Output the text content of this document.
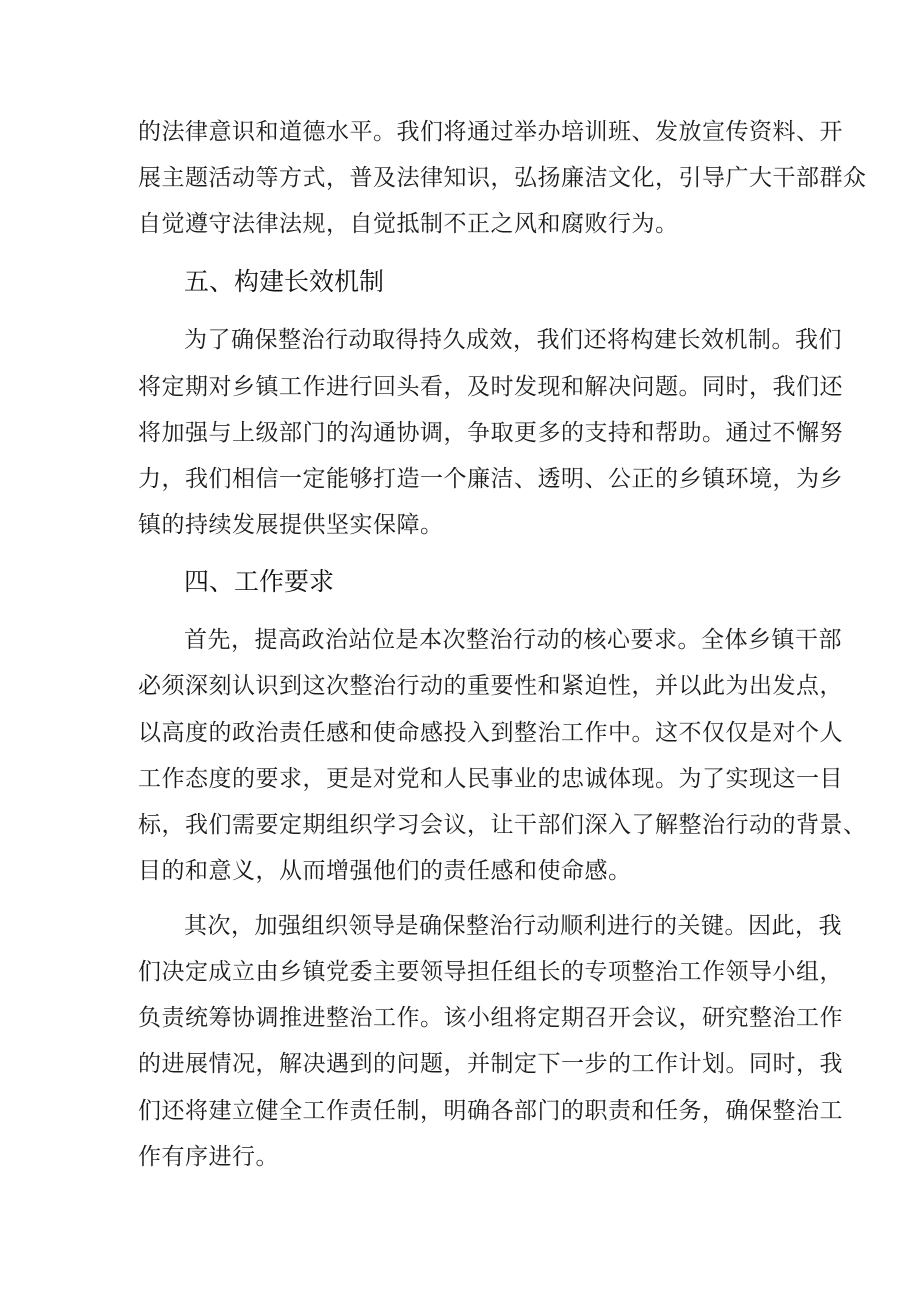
的法律意识和道德水平。我们将通过举办培训班、发放宣传资料、开
展主题活动等方式，普及法律知识，弘扬廉洁文化，引导广大干部群众
自觉遵守法律法规，自觉抵制不正之风和腐败行为。
五、构建长效机制
为了确保整治行动取得持久成效，我们还将构建长效机制。我们
将定期对乡镇工作进行回头看，及时发现和解决问题。同时，我们还
将加强与上级部门的沟通协调，争取更多的支持和帮助。通过不懈努
力，我们相信一定能够打造一个廉洁、透明、公正的乡镇环境，为乡
镇的持续发展提供坚实保障。
四、工作要求
首先，提高政治站位是本次整治行动的核心要求。全体乡镇干部
必须深刻认识到这次整治行动的重要性和紧迫性，并以此为出发点，
以高度的政治责任感和使命感投入到整治工作中。这不仅仅是对个人
工作态度的要求，更是对党和人民事业的忠诚体现。为了实现这一目
标，我们需要定期组织学习会议，让干部们深入了解整治行动的背景、
目的和意义，从而增强他们的责任感和使命感。
其次，加强组织领导是确保整治行动顺利进行的关键。因此，我
们决定成立由乡镇党委主要领导担任组长的专项整治工作领导小组，
负责统筹协调推进整治工作。该小组将定期召开会议，研究整治工作
的进展情况，解决遇到的问题，并制定下一步的工作计划。同时，我
们还将建立健全工作责任制，明确各部门的职责和任务，确保整治工
作有序进行。
